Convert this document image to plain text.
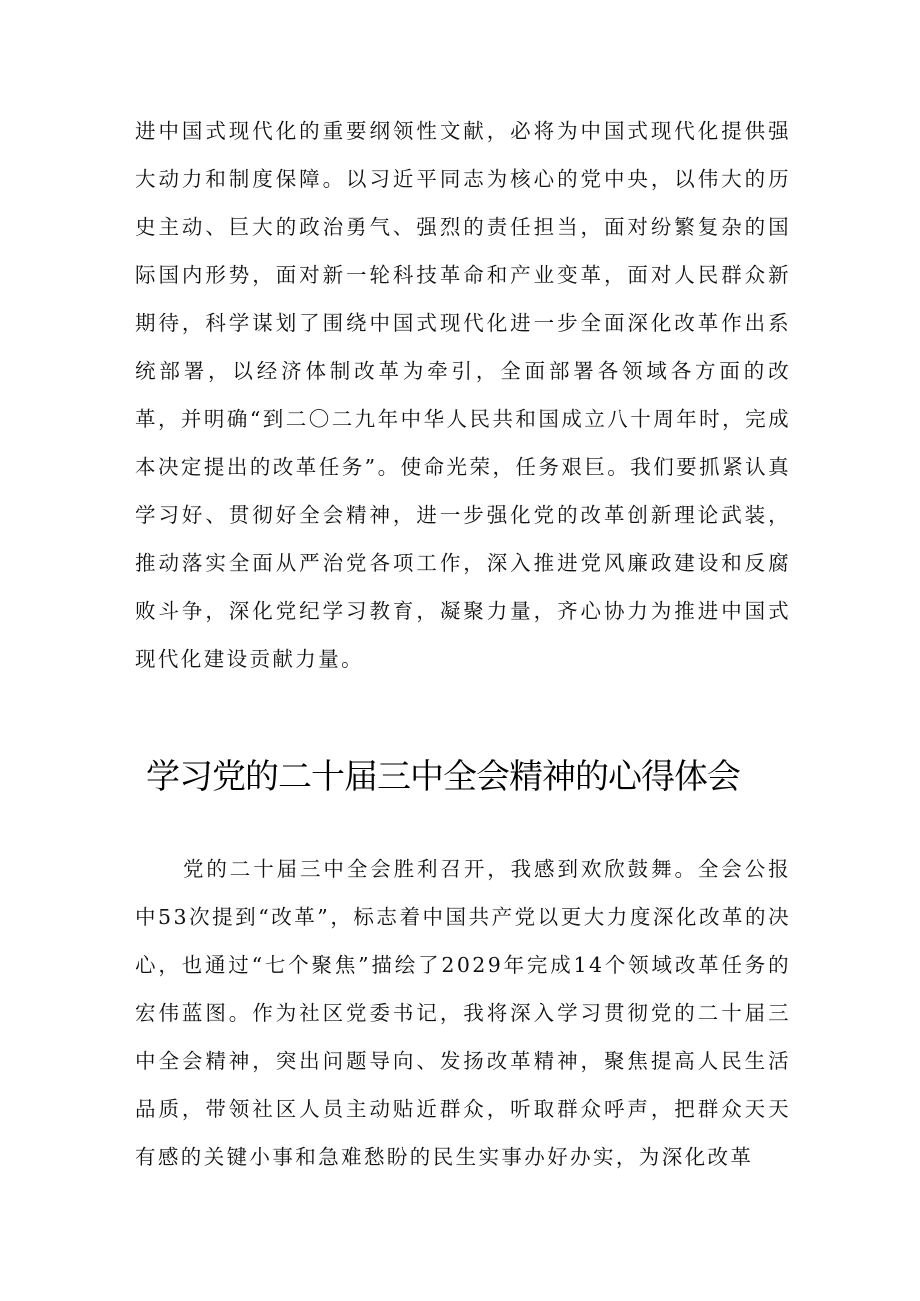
进中国式现代化的重要纲领性文献，必将为中国式现代化提供强大动力和制度保障。以习近平同志为核心的党中央，以伟大的历史主动、巨大的政治勇气、强烈的责任担当，面对纷繁复杂的国际国内形势，面对新一轮科技革命和产业变革，面对人民群众新期待，科学谋划了围绕中国式现代化进一步全面深化改革作出系统部署，以经济体制改革为牵引，全面部署各领域各方面的改革，并明确“到二〇二九年中华人民共和国成立八十周年时，完成本决定提出的改革任务”。使命光荣，任务艰巨。我们要抓紧认真学习好、贯彻好全会精神，进一步强化党的改革创新理论武装，推动落实全面从严治党各项工作，深入推进党风廉政建设和反腐败斗争，深化党纪学习教育，凝聚力量，齐心协力为推进中国式现代化建设贡献力量。

学习党的二十届三中全会精神的心得体会

党的二十届三中全会胜利召开，我感到欢欣鼓舞。全会公报中53次提到“改革”，标志着中国共产党以更大力度深化改革的决心，也通过“七个聚焦”描绘了2029年完成14个领域改革任务的宏伟蓝图。作为社区党委书记，我将深入学习贯彻党的二十届三中全会精神，突出问题导向、发扬改革精神，聚焦提高人民生活品质，带领社区人员主动贴近群众，听取群众呼声，把群众天天有感的关键小事和急难愁盼的民生实事办好办实，为深化改革
